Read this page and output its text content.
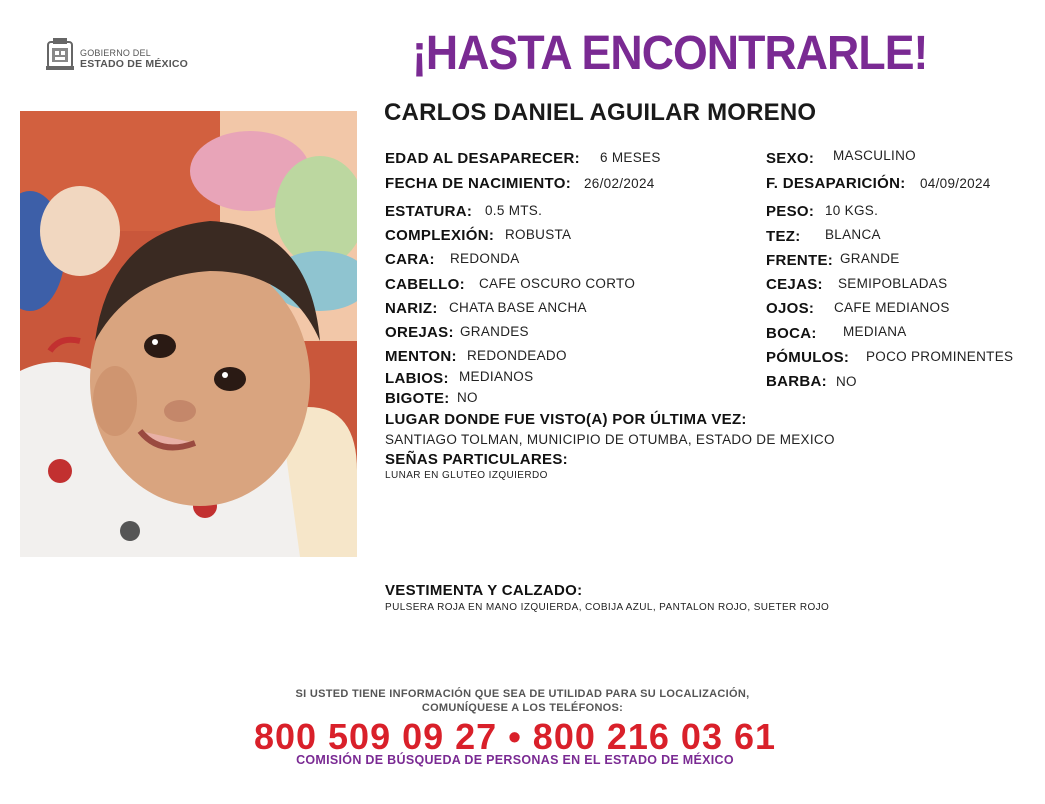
GOBIERNO DEL
ESTADO DE MÉXICO	¡HASTA ENCONTRARLE!
CARLOS DANIEL AGUILAR MORENO
EDAD AL DESAPARECER: 6 MESES
FECHA DE NACIMIENTO: 26/02/2024
ESTATURA: 0.5 MTS.
COMPLEXIÓN: ROBUSTA
CARA: REDONDA
CABELLO: CAFE OSCURO CORTO
NARIZ: CHATA BASE ANCHA
OREJAS: GRANDES
MENTON: REDONDEADO
LABIOS: MEDIANOS
BIGOTE: NO
SEXO: MASCULINO
F. DESAPARICIÓN: 04/09/2024
PESO: 10 KGS.
TEZ: BLANCA
FRENTE: GRANDE
CEJAS: SEMIPOBLADAS
OJOS: CAFE MEDIANOS
BOCA: MEDIANA
PÓMULOS: POCO PROMINENTES
BARBA: NO
LUGAR DONDE FUE VISTO(A) POR ÚLTIMA VEZ:
SANTIAGO TOLMAN, MUNICIPIO DE OTUMBA, ESTADO DE MEXICO
SEÑAS PARTICULARES:
LUNAR EN GLUTEO IZQUIERDO
VESTIMENTA Y CALZADO:
PULSERA ROJA EN MANO IZQUIERDA, COBIJA AZUL, PANTALON ROJO, SUETER ROJO
SI USTED TIENE INFORMACIÓN QUE SEA DE UTILIDAD PARA SU LOCALIZACIÓN,
COMUNÍQUESE A LOS TELÉFONOS:
800 509 09 27 • 800 216 03 61
COMISIÓN DE BÚSQUEDA DE PERSONAS EN EL ESTADO DE MÉXICO
